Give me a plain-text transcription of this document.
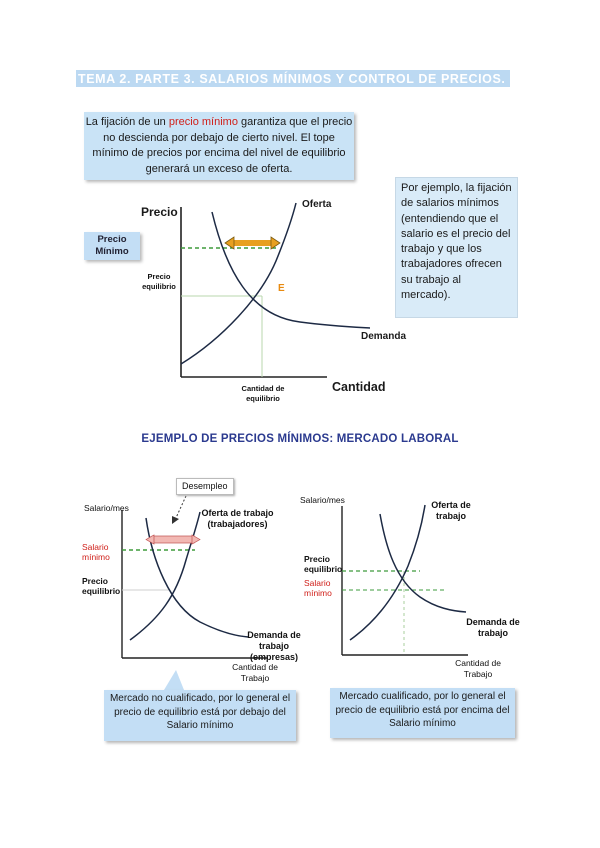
TEMA 2. PARTE 3. SALARIOS MÍNIMOS Y CONTROL DE PRECIOS.
La fijación de un precio mínimo garantiza que el precio no descienda por debajo de cierto nivel. El tope mínimo de precios por encima del nivel de equilibrio generará un exceso de oferta.
Por ejemplo, la fijación de salarios mínimos (entendiendo que el salario es el precio del trabajo y que los trabajadores ofrecen su trabajo al mercado).
Precio
Cantidad
Oferta
Demanda
E
Precio Mínimo
Precio equilibrio
Cantidad de equilibrio
EJEMPLO DE PRECIOS MÍNIMOS: MERCADO LABORAL
Desempleo
Salario/mes	Oferta de trabajo (trabajadores)
Salario mínimo
Precio equilibrio
Demanda de trabajo (empresas)
Cantidad de Trabajo
Mercado no cualificado, por lo general el precio de equilibrio está por debajo del Salario mínimo
Salario/mes	Oferta de trabajo
Precio equilibrio
Salario mínimo
Demanda de trabajo
Cantidad de Trabajo
Mercado cualificado, por lo general el precio de equilibrio está por encima del Salario mínimo
